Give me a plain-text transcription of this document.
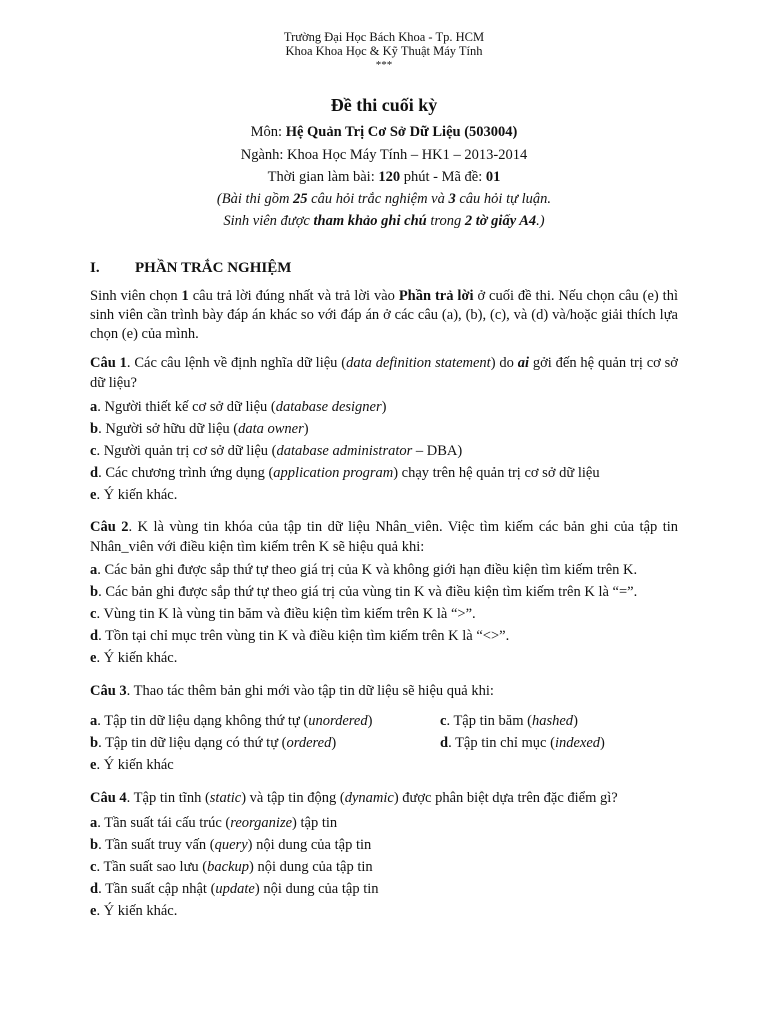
Trường Đại Học Bách Khoa - Tp. HCM
Khoa Khoa Học & Kỹ Thuật Máy Tính
***
Đề thi cuối kỳ
Môn: Hệ Quản Trị Cơ Sở Dữ Liệu (503004)
Ngành: Khoa Học Máy Tính – HK1 – 2013-2014
Thời gian làm bài: 120 phút - Mã đề: 01
(Bài thi gồm 25 câu hỏi trắc nghiệm và 3 câu hỏi tự luận.
Sinh viên được tham khảo ghi chú trong 2 tờ giấy A4.)
I. PHẦN TRẮC NGHIỆM
Sinh viên chọn 1 câu trả lời đúng nhất và trả lời vào Phần trả lời ở cuối đề thi. Nếu chọn câu (e) thì sinh viên cần trình bày đáp án khác so với đáp án ở các câu (a), (b), (c), và (d) và/hoặc giải thích lựa chọn (e) của mình.
Câu 1. Các câu lệnh về định nghĩa dữ liệu (data definition statement) do ai gởi đến hệ quản trị cơ sở dữ liệu?
a. Người thiết kế cơ sở dữ liệu (database designer)
b. Người sở hữu dữ liệu (data owner)
c. Người quản trị cơ sở dữ liệu (database administrator – DBA)
d. Các chương trình ứng dụng (application program) chạy trên hệ quản trị cơ sở dữ liệu
e. Ý kiến khác.
Câu 2. K là vùng tin khóa của tập tin dữ liệu Nhân_viên. Việc tìm kiếm các bản ghi của tập tin Nhân_viên với điều kiện tìm kiếm trên K sẽ hiệu quả khi:
a. Các bản ghi được sắp thứ tự theo giá trị của K và không giới hạn điều kiện tìm kiếm trên K.
b. Các bản ghi được sắp thứ tự theo giá trị của vùng tin K và điều kiện tìm kiếm trên K là “=”.
c. Vùng tin K là vùng tin băm và điều kiện tìm kiếm trên K là “>”.
d. Tồn tại chỉ mục trên vùng tin K và điều kiện tìm kiếm trên K là “<>”.
e. Ý kiến khác.
Câu 3. Thao tác thêm bản ghi mới vào tập tin dữ liệu sẽ hiệu quả khi:
a. Tập tin dữ liệu dạng không thứ tự (unordered)	c. Tập tin băm (hashed)
b. Tập tin dữ liệu dạng có thứ tự (ordered)	d. Tập tin chỉ mục (indexed)
e. Ý kiến khác
Câu 4. Tập tin tĩnh (static) và tập tin động (dynamic) được phân biệt dựa trên đặc điểm gì?
a. Tần suất tái cấu trúc (reorganize) tập tin
b. Tần suất truy vấn (query) nội dung của tập tin
c. Tần suất sao lưu (backup) nội dung của tập tin
d. Tần suất cập nhật (update) nội dung của tập tin
e. Ý kiến khác.
